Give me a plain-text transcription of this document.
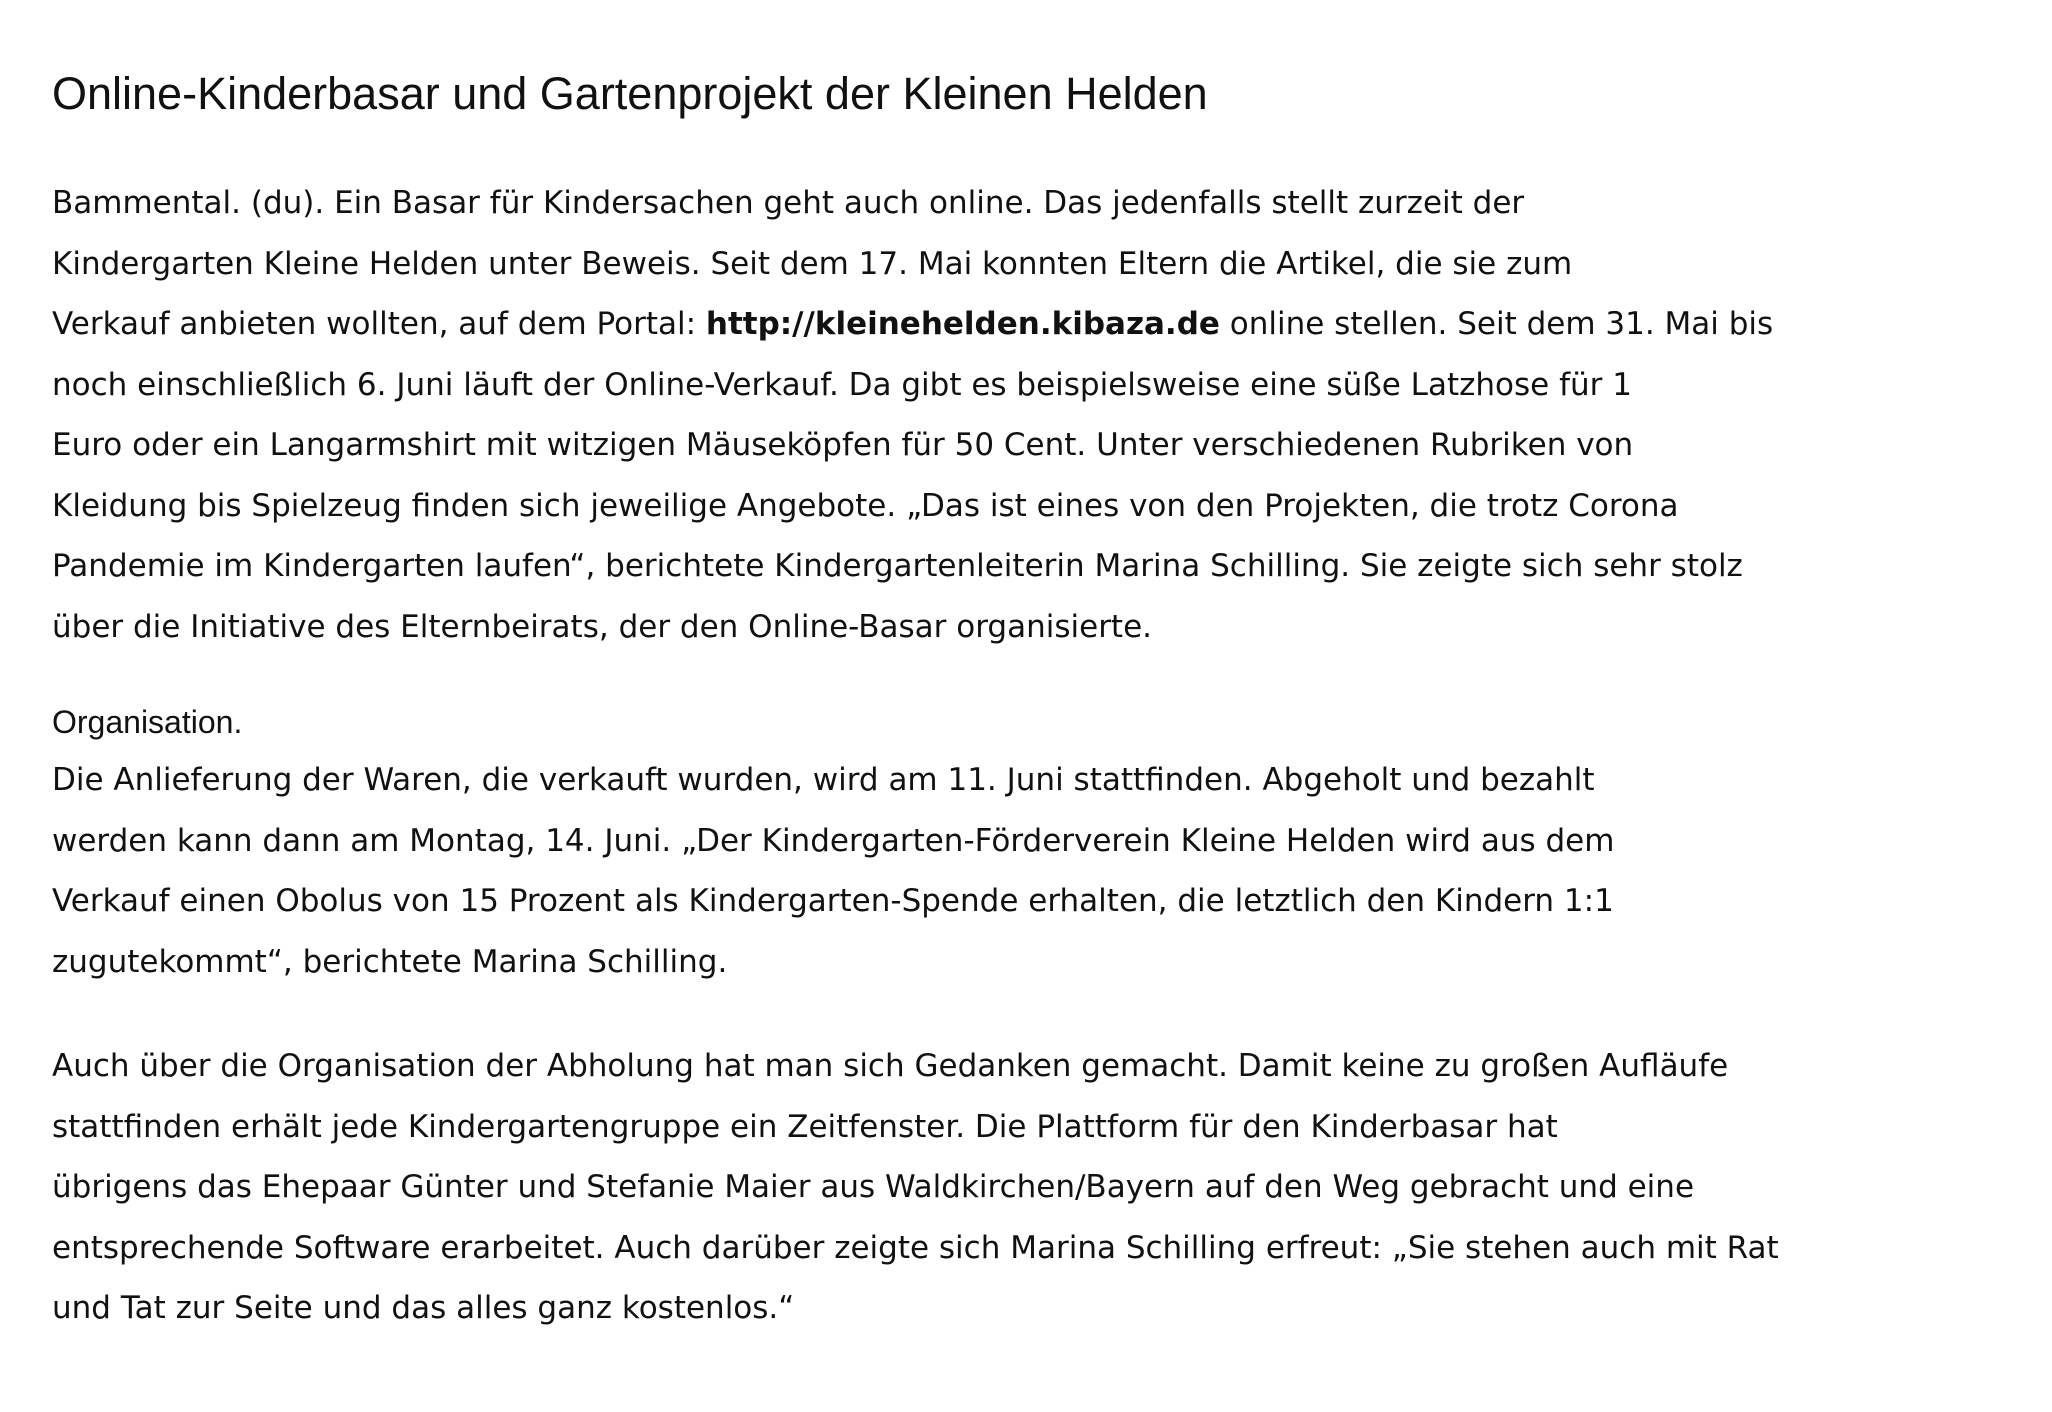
Online-Kinderbasar und Gartenprojekt der Kleinen Helden

Bammental. (du). Ein Basar für Kindersachen geht auch online. Das jedenfalls stellt zurzeit der
Kindergarten Kleine Helden unter Beweis. Seit dem 17. Mai konnten Eltern die Artikel, die sie zum
Verkauf anbieten wollten, auf dem Portal: http://kleinehelden.kibaza.de online stellen. Seit dem 31. Mai bis
noch einschließlich 6. Juni läuft der Online-Verkauf. Da gibt es beispielsweise eine süße Latzhose für 1
Euro oder ein Langarmshirt mit witzigen Mäuseköpfen für 50 Cent. Unter verschiedenen Rubriken von
Kleidung bis Spielzeug finden sich jeweilige Angebote. „Das ist eines von den Projekten, die trotz Corona
Pandemie im Kindergarten laufen“, berichtete Kindergartenleiterin Marina Schilling. Sie zeigte sich sehr stolz
über die Initiative des Elternbeirats, der den Online-Basar organisierte.

Organisation.

Die Anlieferung der Waren, die verkauft wurden, wird am 11. Juni stattfinden. Abgeholt und bezahlt
werden kann dann am Montag, 14. Juni. „Der Kindergarten-Förderverein Kleine Helden wird aus dem
Verkauf einen Obolus von 15 Prozent als Kindergarten-Spende erhalten, die letztlich den Kindern 1:1
zugutekommt“, berichtete Marina Schilling.

Auch über die Organisation der Abholung hat man sich Gedanken gemacht. Damit keine zu großen Aufläufe
stattfinden erhält jede Kindergartengruppe ein Zeitfenster. Die Plattform für den Kinderbasar hat
übrigens das Ehepaar Günter und Stefanie Maier aus Waldkirchen/Bayern auf den Weg gebracht und eine
entsprechende Software erarbeitet. Auch darüber zeigte sich Marina Schilling erfreut: „Sie stehen auch mit Rat
und Tat zur Seite und das alles ganz kostenlos.“
